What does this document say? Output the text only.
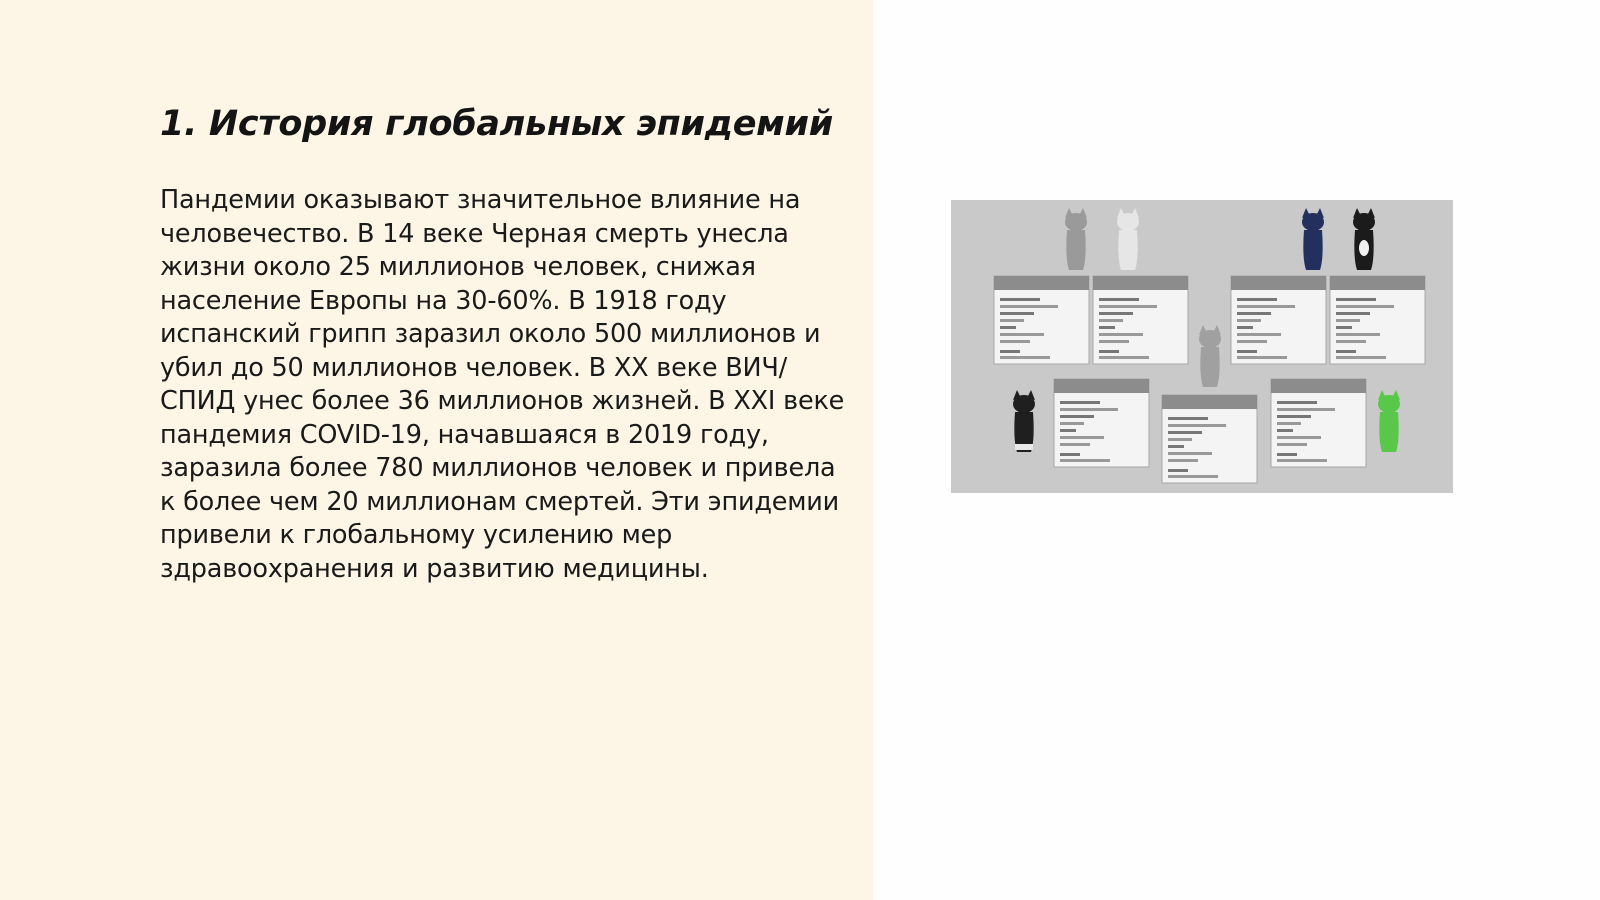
1. История глобальных эпидемий

Пандемии оказывают значительное влияние на человечество. В 14 веке Черная смерть унесла жизни около 25 миллионов человек, снижая население Европы на 30-60%. В 1918 году испанский грипп заразил около 500 миллионов и убил до 50 миллионов человек. В XX веке ВИЧ/СПИД унес более 36 миллионов жизней. В XXI веке пандемия COVID-19, начавшаяся в 2019 году, заразила более 780 миллионов человек и привела к более чем 20 миллионам смертей. Эти эпидемии привели к глобальному усилению мер здравоохранения и развитию медицины.
